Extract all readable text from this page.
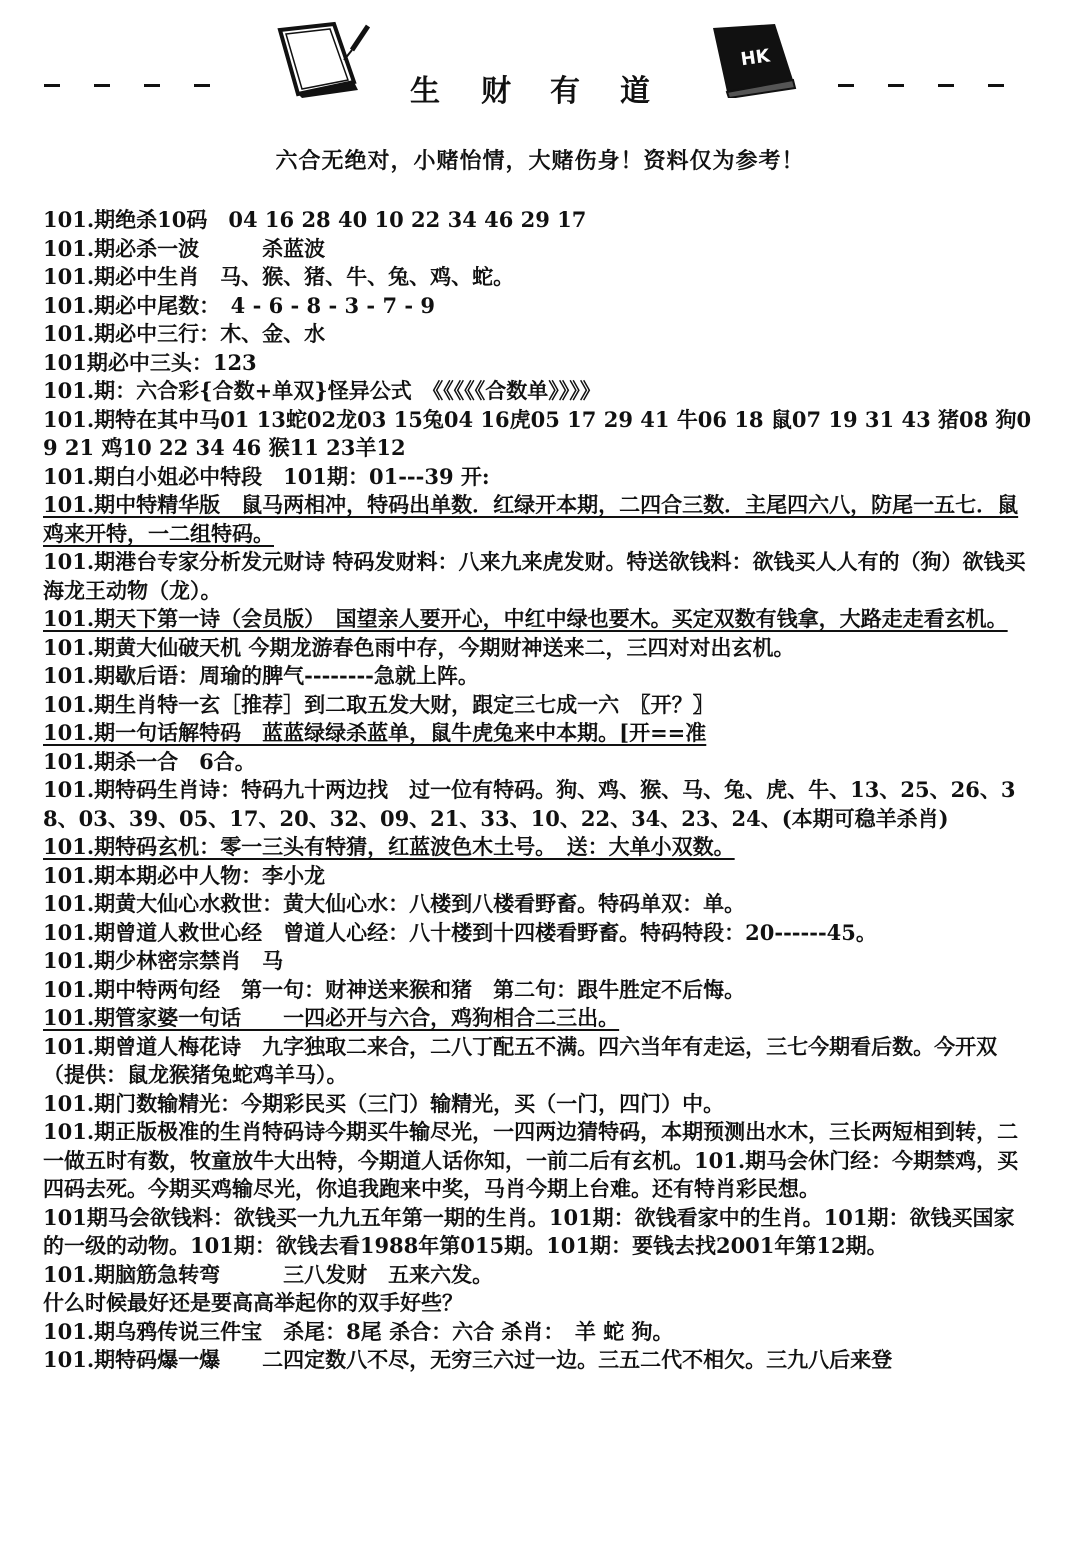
生 财 有 道
HK
六合无绝对，小赌怡情，大赌伤身！资料仅为参考！
101.期绝杀10码　04 16 28 40 10 22 34 46 29 17
101.期必杀一波　　　杀蓝波
101.期必中生肖　马、猴、猪、牛、兔、鸡、蛇。
101.期必中尾数：　4 - 6 - 8 - 3 - 7 - 9
101.期必中三行：木、金、水
101期必中三头：123
101.期：六合彩{合数+单双}怪异公式　《《《《《合数单》》》》
101.期特在其中马01 13蛇02龙03 15兔04 16虎05 17 29 41 牛06 18 鼠07 19 31 43 猪08 狗09 21 鸡10 22 34 46 猴11 23羊12
101.期白小姐必中特段　101期：01---39 开:
101.期中特精华版　鼠马两相冲，特码出单数．红绿开本期，二四合三数．主尾四六八，防尾一五七．鼠鸡来开特，一二组特码。
101.期港台专家分析发元财诗 特码发财料：八来九来虎发财。特送欲钱料：欲钱买人人有的（狗）欲钱买海龙王动物（龙）。
101.期天下第一诗（会员版）　国望亲人要开心，中红中绿也要木。买定双数有钱拿，大路走走看玄机。
101.期黄大仙破天机 今期龙游春色雨中存，今期财神送来二，三四对对出玄机。
101.期歇后语：周瑜的脾气--------急就上阵。
101.期生肖特一玄［推荐］到二取五发大财，跟定三七成一六　〖开？〗
101.期一句话解特码　蓝蓝绿绿杀蓝单，鼠牛虎兔来中本期。[开==准
101.期杀一合　6合。
101.期特码生肖诗：特码九十两边找　过一位有特码。狗、鸡、猴、马、兔、虎、牛、13、25、26、38、03、39、05、17、20、32、09、21、33、10、22、34、23、24、(本期可稳羊杀肖)
101.期特码玄机：零一三头有特猜，红蓝波色木土号。　送：大单小双数。
101.期本期必中人物：李小龙
101.期黄大仙心水救世：黄大仙心水：八楼到八楼看野畜。特码单双：单。
101.期曾道人救世心经　曾道人心经：八十楼到十四楼看野畜。特码特段：20------45。
101.期少林密宗禁肖　马
101.期中特两句经　第一句：财神送来猴和猪　第二句：跟牛胜定不后悔。
101.期管家婆一句话　　一四必开与六合，鸡狗相合二三出。
101.期曾道人梅花诗　九字独取二来合，二八丁配五不满。四六当年有走运，三七今期看后数。今开双（提供：鼠龙猴猪兔蛇鸡羊马）。
101.期门数输精光：今期彩民买（三门）输精光，买（一门，四门）中。
101.期正版极准的生肖特码诗今期买牛输尽光，一四两边猜特码，本期预测出水木，三长两短相到转，二一做五时有数，牧童放牛大出特，今期道人话你知，一前二后有玄机。101.期马会休门经：今期禁鸡，买四码去死。今期买鸡输尽光，你追我跑来中奖，马肖今期上台难。还有特肖彩民想。
101期马会欲钱料：欲钱买一九九五年第一期的生肖。101期：欲钱看家中的生肖。101期：欲钱买国家的一级的动物。101期：欲钱去看1988年第015期。101期：要钱去找2001年第12期。
101.期脑筋急转弯　　　三八发财　五来六发。
什么时候最好还是要高高举起你的双手好些？
101.期乌鸦传说三件宝　杀尾：8尾 杀合：六合 杀肖：　羊 蛇 狗。
101.期特码爆一爆　　二四定数八不尽，无穷三六过一边。三五二代不相欠。三九八后来登
